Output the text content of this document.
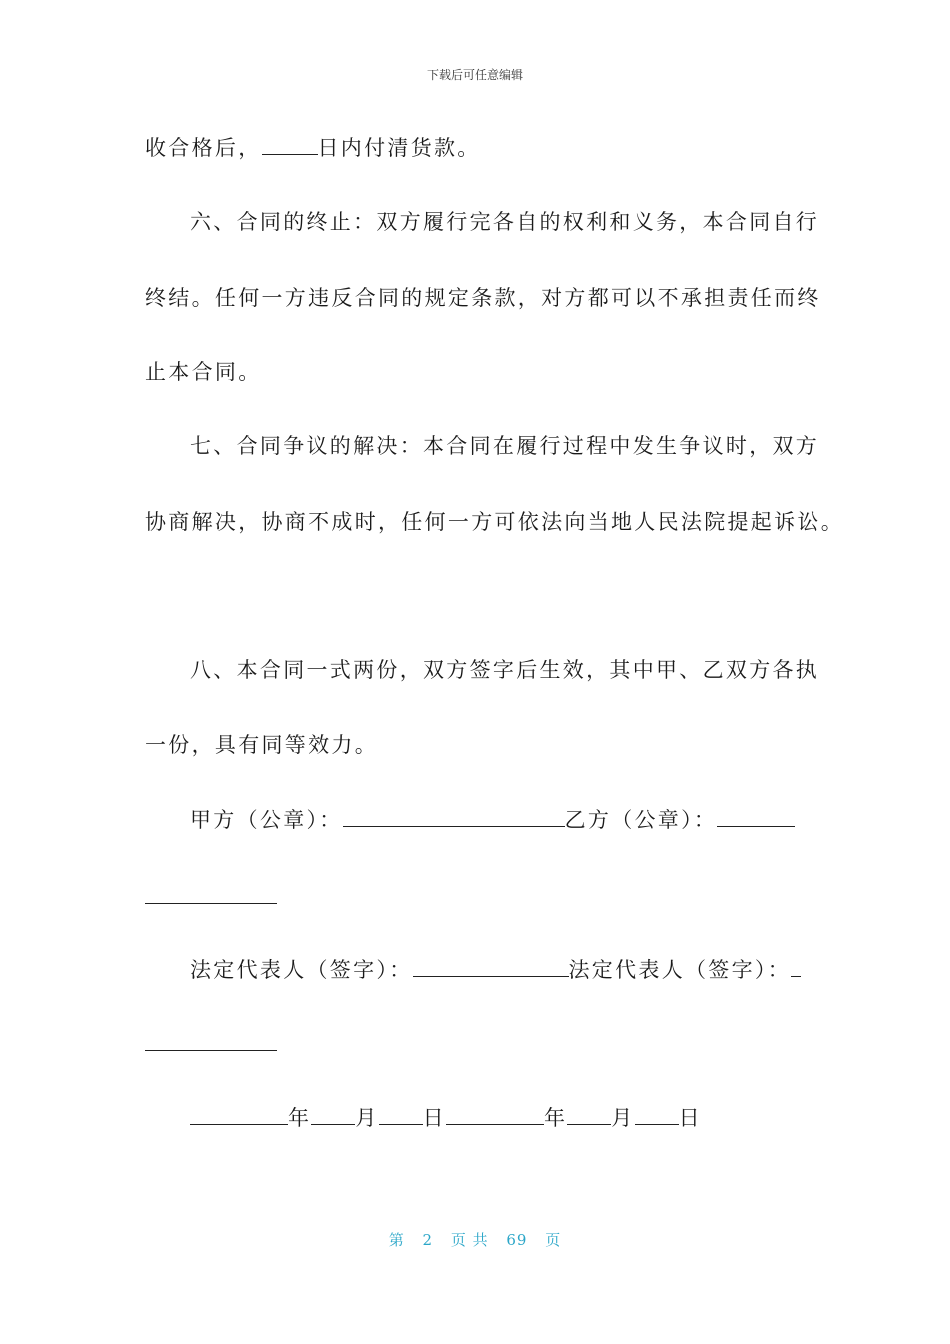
下载后可任意编辑
收合格后，	日内付清货款。
六、合同的终止：双方履行完各自的权利和义务，本合同自行
终结。任何一方违反合同的规定条款，对方都可以不承担责任而终
止本合同。
七、合同争议的解决：本合同在履行过程中发生争议时，双方
协商解决，协商不成时，任何一方可依法向当地人民法院提起诉讼。
八、本合同一式两份，双方签字后生效，其中甲、乙双方各执
一份，具有同等效力。
甲方（公章）：	乙方（公章）：
法定代表人（签字）：	法定代表人（签字）：
年 月 日	年 月 日
第 2 页 共 69 页
